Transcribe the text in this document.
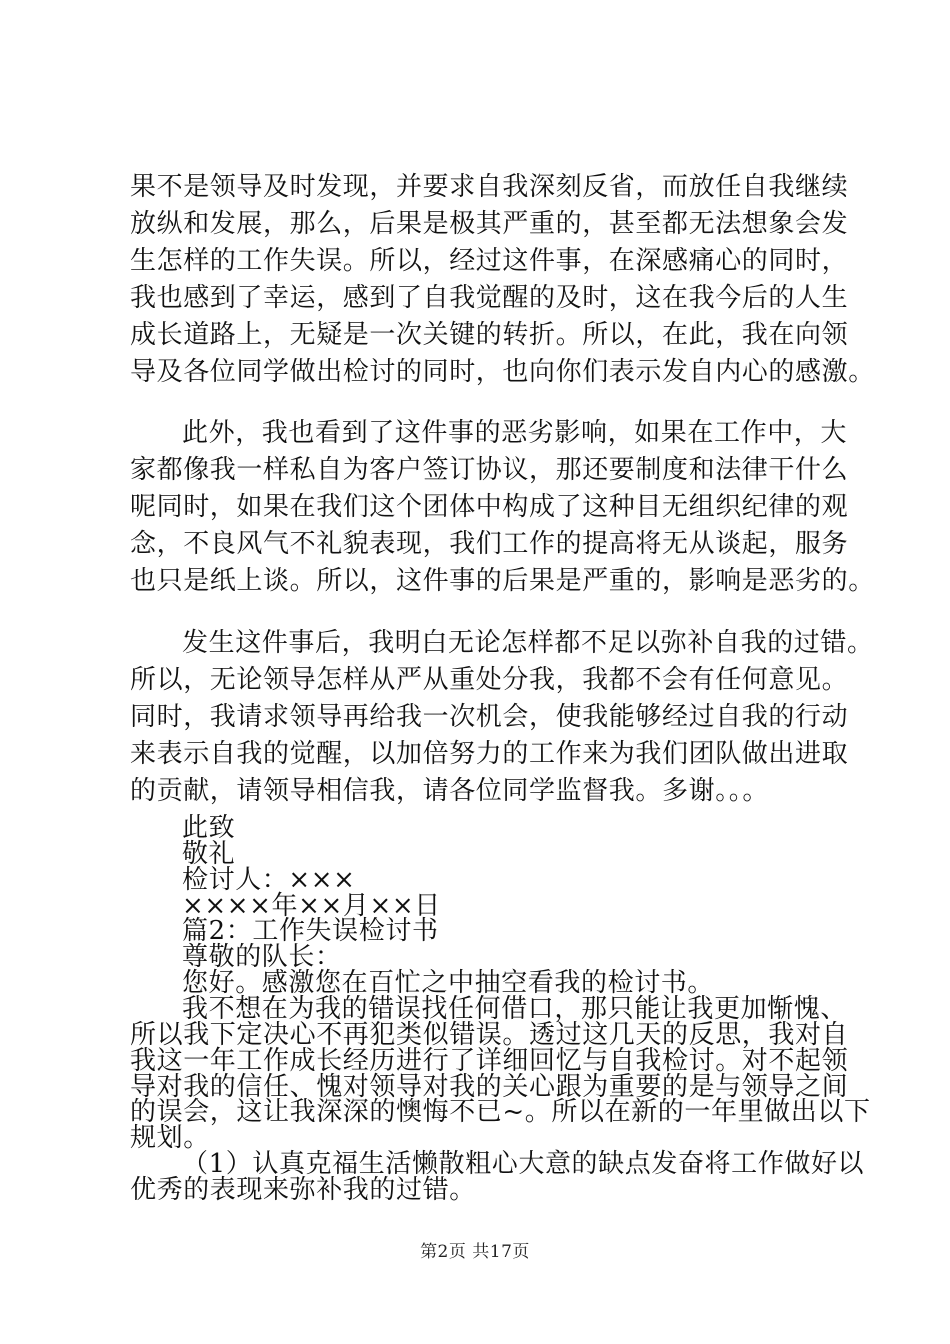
果不是领导及时发现，并要求自我深刻反省，而放任自我继续
放纵和发展，那么，后果是极其严重的，甚至都无法想象会发
生怎样的工作失误。所以，经过这件事，在深感痛心的同时，
我也感到了幸运，感到了自我觉醒的及时，这在我今后的人生
成长道路上，无疑是一次关键的转折。所以，在此，我在向领
导及各位同学做出检讨的同时，也向你们表示发自内心的感激。
此外，我也看到了这件事的恶劣影响，如果在工作中，大
家都像我一样私自为客户签订协议，那还要制度和法律干什么
呢同时，如果在我们这个团体中构成了这种目无组织纪律的观
念，不良风气不礼貌表现，我们工作的提高将无从谈起，服务
也只是纸上谈。所以，这件事的后果是严重的，影响是恶劣的。
发生这件事后，我明白无论怎样都不足以弥补自我的过错。
所以，无论领导怎样从严从重处分我，我都不会有任何意见。
同时，我请求领导再给我一次机会，使我能够经过自我的行动
来表示自我的觉醒，以加倍努力的工作来为我们团队做出进取
的贡献，请领导相信我，请各位同学监督我。多谢。。。
此致
敬礼
检讨人：×××
××××年××月××日
篇2：工作失误检讨书
尊敬的队长：
您好。感激您在百忙之中抽空看我的检讨书。
我不想在为我的错误找任何借口，那只能让我更加惭愧、
所以我下定决心不再犯类似错误。透过这几天的反思，我对自
我这一年工作成长经历进行了详细回忆与自我检讨。对不起领
导对我的信任、愧对领导对我的关心跟为重要的是与领导之间
的误会，这让我深深的懊悔不已~。所以在新的一年里做出以下
规划。
（1）认真克福生活懒散粗心大意的缺点发奋将工作做好以
优秀的表现来弥补我的过错。
第2页 共17页
